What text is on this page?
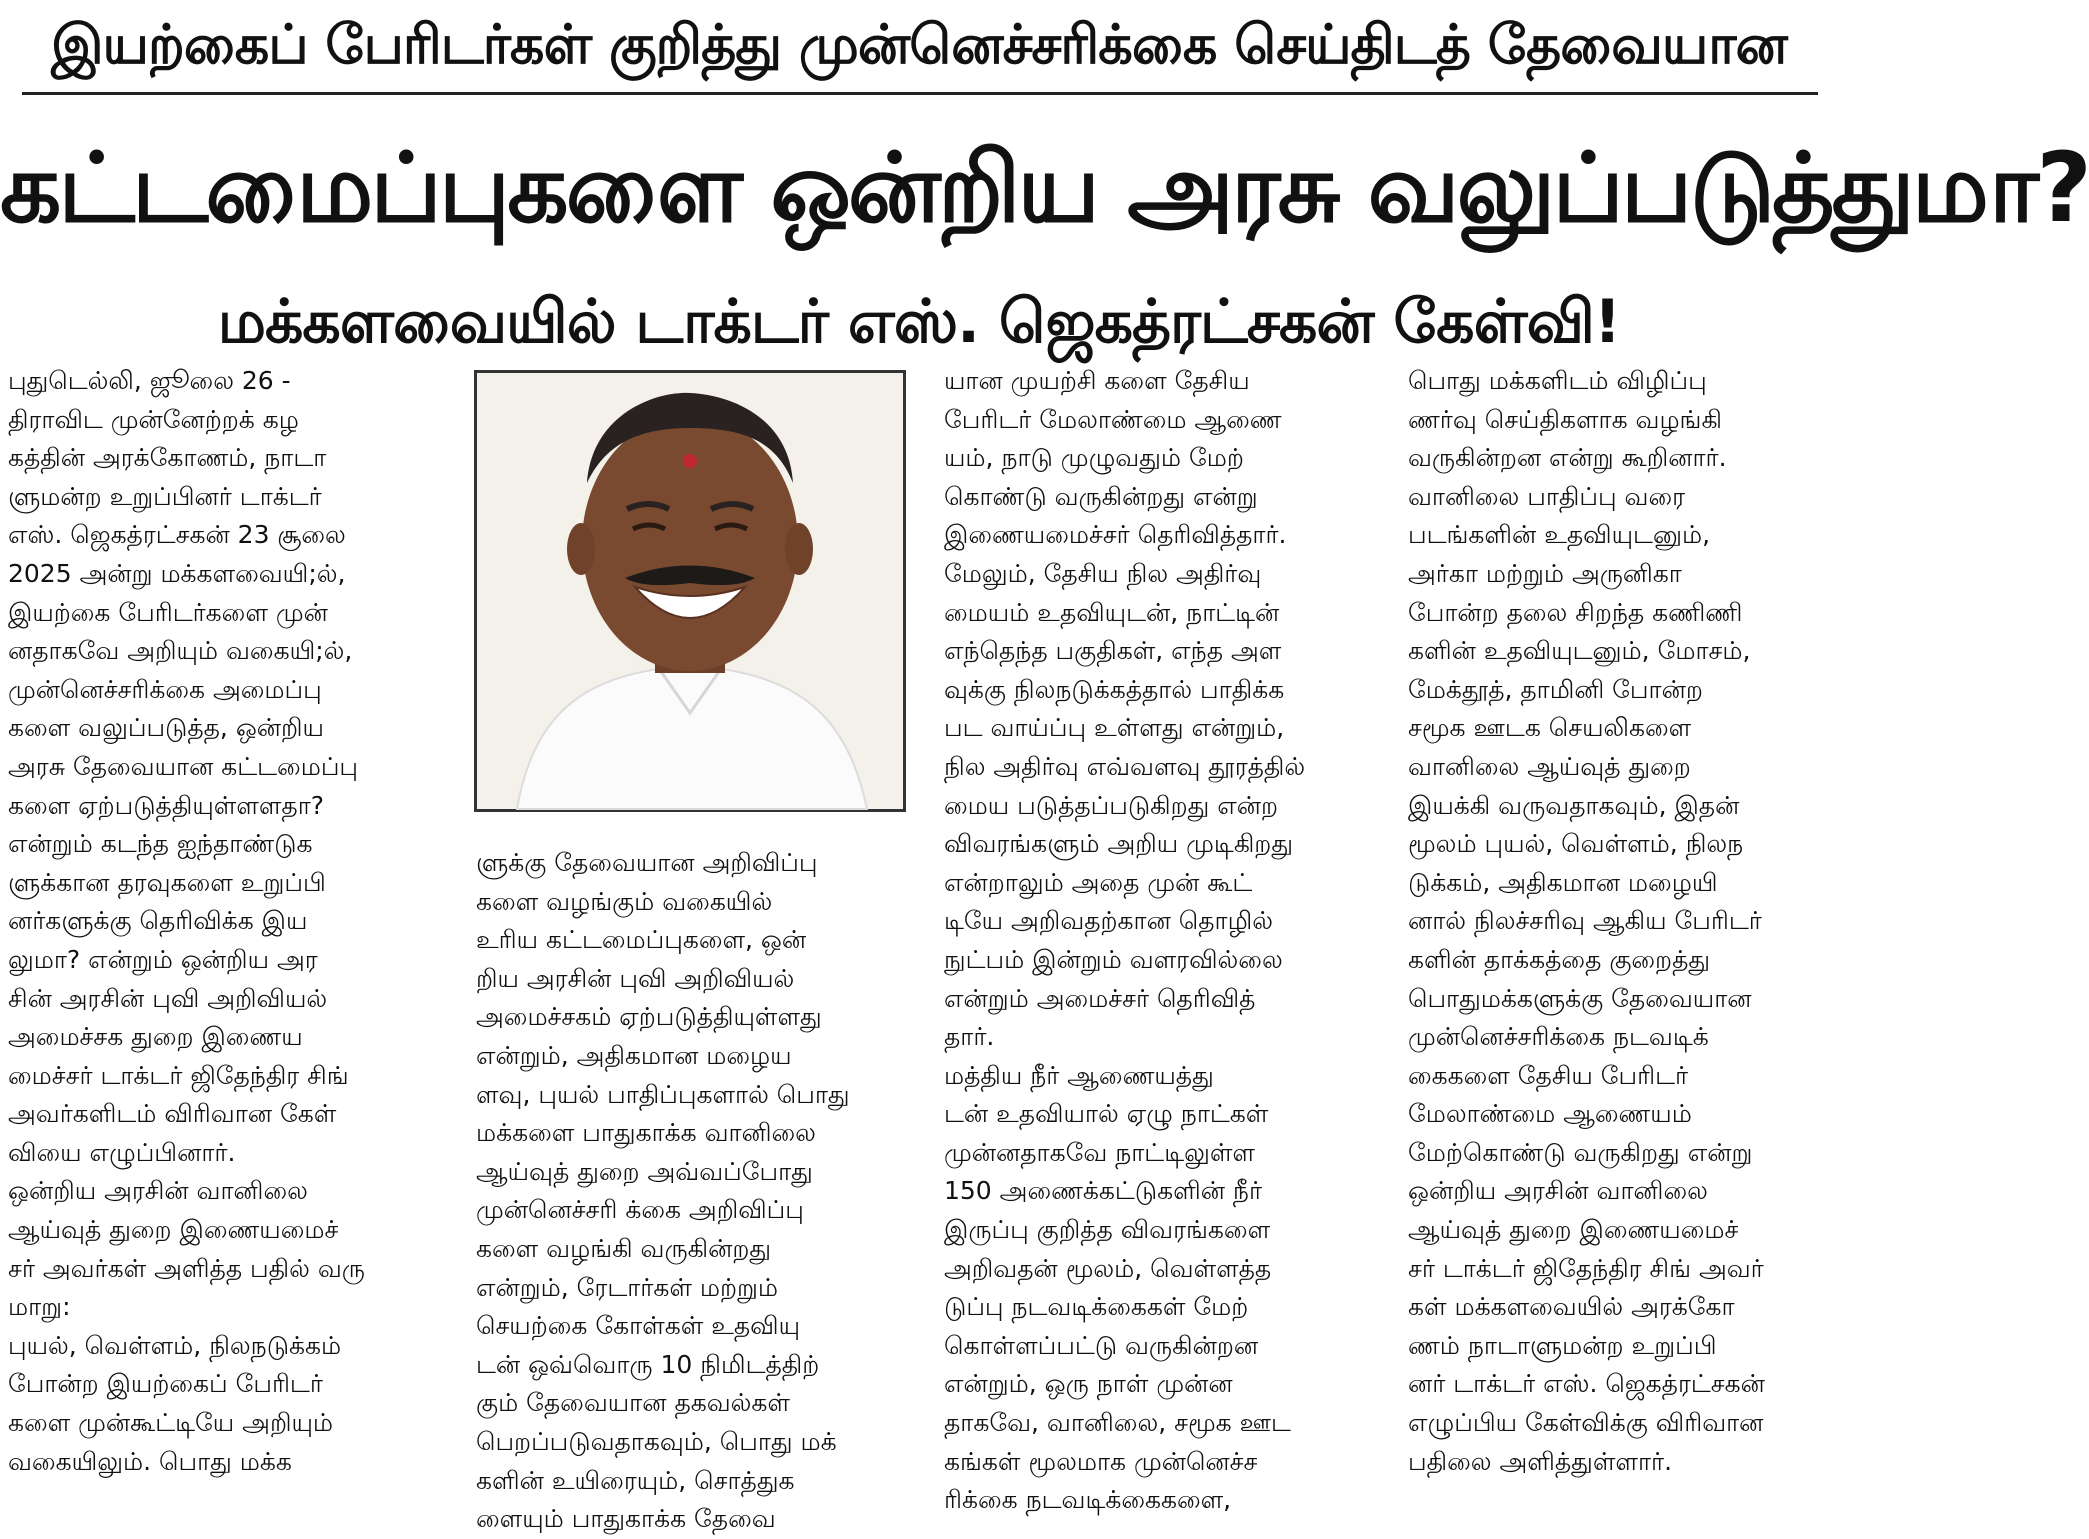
இயற்கைப் பேரிடர்கள் குறித்து முன்னெச்சரிக்கை செய்திடத் தேவையான
கட்டமைப்புகளை ஒன்றிய அரசு வலுப்படுத்துமா?
மக்களவையில் டாக்டர் எஸ். ஜெகத்ரட்சகன் கேள்வி!

புதுடெல்லி, ஜூலை 26 -
திராவிட முன்னேற்றக் கழ
கத்தின் அரக்கோணம், நாடா
ளுமன்ற உறுப்பினர் டாக்டர்
எஸ். ஜெகத்ரட்சகன் 23 சூலை
2025 அன்று மக்களவையி;ல்,
இயற்கை பேரிடர்களை முன்
னதாகவே அறியும் வகையி;ல்,
முன்னெச்சரிக்கை அமைப்பு
களை வலுப்படுத்த, ஒன்றிய
அரசு தேவையான கட்டமைப்பு
களை ஏற்படுத்தியுள்ளளதா?
என்றும் கடந்த ஐந்தாண்டுக
ளுக்கான தரவுகளை உறுப்பி
னர்களுக்கு தெரிவிக்க இய
லுமா? என்றும் ஒன்றிய அர
சின் அரசின் புவி அறிவியல்
அமைச்சக துறை இணைய
மைச்சர் டாக்டர் ஜிதேந்திர சிங்
அவர்களிடம் விரிவான கேள்
வியை எழுப்பினார்.
ஒன்றிய அரசின் வானிலை
ஆய்வுத் துறை இணையமைச்
சர் அவர்கள் அளித்த பதில் வரு
மாறு:
புயல், வெள்ளம், நிலநடுக்கம்
போன்ற இயற்கைப் பேரிடர்
களை முன்கூட்டியே அறியும்
வகையிலும். பொது மக்க

ளுக்கு தேவையான அறிவிப்பு
களை வழங்கும் வகையில்
உரிய கட்டமைப்புகளை, ஒன்
றிய அரசின் புவி அறிவியல்
அமைச்சகம் ஏற்படுத்தியுள்ளது
என்றும், அதிகமான மழைய
ளவு, புயல் பாதிப்புகளால் பொது
மக்களை பாதுகாக்க வானிலை
ஆய்வுத் துறை அவ்வப்போது
முன்னெச்சரி க்கை அறிவிப்பு
களை வழங்கி வருகின்றது
என்றும், ரேடார்கள் மற்றும்
செயற்கை கோள்கள் உதவியு
டன் ஒவ்வொரு 10 நிமிடத்திற்
கும் தேவையான தகவல்கள்
பெறப்படுவதாகவும், பொது மக்
களின் உயிரையும், சொத்துக
ளையும் பாதுகாக்க தேவை

யான முயற்சி களை தேசிய
பேரிடர் மேலாண்மை ஆணை
யம், நாடு முழுவதும் மேற்
கொண்டு வருகின்றது என்று
இணையமைச்சர் தெரிவித்தார்.
மேலும், தேசிய நில அதிர்வு
மையம் உதவியுடன், நாட்டின்
எந்தெந்த பகுதிகள், எந்த அள
வுக்கு நிலநடுக்கத்தால் பாதிக்க
பட வாய்ப்பு உள்ளது என்றும்,
நில அதிர்வு எவ்வளவு தூரத்தில்
மைய படுத்தப்படுகிறது என்ற
விவரங்களும் அறிய முடிகிறது
என்றாலும் அதை முன் கூட்
டியே அறிவதற்கான தொழில்
நுட்பம் இன்றும் வளரவில்லை
என்றும் அமைச்சர் தெரிவித்
தார்.
மத்திய நீர் ஆணையத்து
டன் உதவியால் ஏழு நாட்கள்
முன்னதாகவே நாட்டிலுள்ள
150 அணைக்கட்டுகளின் நீர்
இருப்பு குறித்த விவரங்களை
அறிவதன் மூலம், வெள்ளத்த
டுப்பு நடவடிக்கைகள் மேற்
கொள்ளப்பட்டு வருகின்றன
என்றும், ஒரு நாள் முன்ன
தாகவே, வானிலை, சமூக ஊட
கங்கள் மூலமாக முன்னெச்ச
ரிக்கை நடவடிக்கைகளை,

பொது மக்களிடம் விழிப்பு
ணர்வு செய்திகளாக வழங்கி
வருகின்றன என்று கூறினார்.
வானிலை பாதிப்பு வரை
படங்களின் உதவியுடனும்,
அர்கா மற்றும் அருனிகா
போன்ற தலை சிறந்த கணிணி
களின் உதவியுடனும், மோசம்,
மேக்தூத், தாமினி போன்ற
சமூக ஊடக செயலிகளை
வானிலை ஆய்வுத் துறை
இயக்கி வருவதாகவும், இதன்
மூலம் புயல், வெள்ளம், நிலந
டுக்கம், அதிகமான மழையி
னால் நிலச்சரிவு ஆகிய பேரிடர்
களின் தாக்கத்தை குறைத்து
பொதுமக்களுக்கு தேவையான
முன்னெச்சரிக்கை நடவடிக்
கைகளை தேசிய பேரிடர்
மேலாண்மை ஆணையம்
மேற்கொண்டு வருகிறது என்று
ஒன்றிய அரசின் வானிலை
ஆய்வுத் துறை இணையமைச்
சர் டாக்டர் ஜிதேந்திர சிங் அவர்
கள் மக்களவையில் அரக்கோ
ணம் நாடாளுமன்ற உறுப்பி
னர் டாக்டர் எஸ். ஜெகத்ரட்சகன்
எழுப்பிய கேள்விக்கு விரிவான
பதிலை அளித்துள்ளார்.
